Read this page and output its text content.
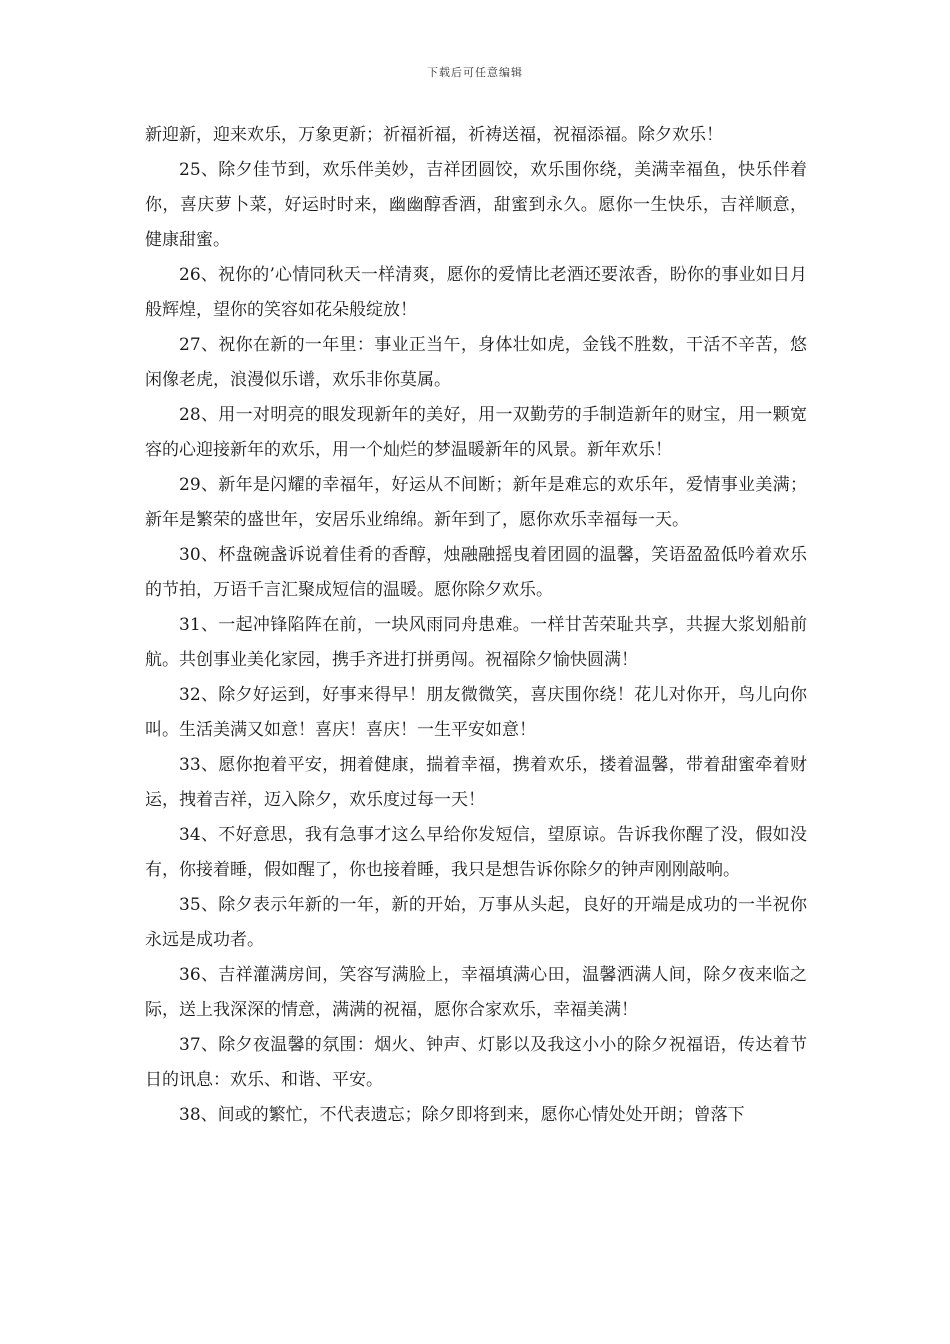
下载后可任意编辑

新迎新，迎来欢乐，万象更新；祈福祈福，祈祷送福，祝福添福。除夕欢乐！

25、除夕佳节到，欢乐伴美妙，吉祥团圆饺，欢乐围你绕，美满幸福鱼，快乐伴着你，喜庆萝卜菜，好运时时来，幽幽醇香酒，甜蜜到永久。愿你一生快乐，吉祥顺意，健康甜蜜。

26、祝你的’心情同秋天一样清爽，愿你的爱情比老酒还要浓香，盼你的事业如日月般辉煌，望你的笑容如花朵般绽放！

27、祝你在新的一年里：事业正当午，身体壮如虎，金钱不胜数，干活不辛苦，悠闲像老虎，浪漫似乐谱，欢乐非你莫属。

28、用一对明亮的眼发现新年的美好，用一双勤劳的手制造新年的财宝，用一颗宽容的心迎接新年的欢乐，用一个灿烂的梦温暖新年的风景。新年欢乐！

29、新年是闪耀的幸福年，好运从不间断；新年是难忘的欢乐年，爱情事业美满；新年是繁荣的盛世年，安居乐业绵绵。新年到了，愿你欢乐幸福每一天。

30、杯盘碗盏诉说着佳肴的香醇，烛融融摇曳着团圆的温馨，笑语盈盈低吟着欢乐的节拍，万语千言汇聚成短信的温暖。愿你除夕欢乐。

31、一起冲锋陷阵在前，一块风雨同舟患难。一样甘苦荣耻共享，共握大浆划船前航。共创事业美化家园，携手齐进打拼勇闯。祝福除夕愉快圆满！

32、除夕好运到，好事来得早！朋友微微笑，喜庆围你绕！花儿对你开，鸟儿向你叫。生活美满又如意！喜庆！喜庆！一生平安如意！

33、愿你抱着平安，拥着健康，揣着幸福，携着欢乐，搂着温馨，带着甜蜜牵着财运，拽着吉祥，迈入除夕，欢乐度过每一天！

34、不好意思，我有急事才这么早给你发短信，望原谅。告诉我你醒了没，假如没有，你接着睡，假如醒了，你也接着睡，我只是想告诉你除夕的钟声刚刚敲响。

35、除夕表示年新的一年，新的开始，万事从头起，良好的开端是成功的一半祝你永远是成功者。

36、吉祥灌满房间，笑容写满脸上，幸福填满心田，温馨洒满人间，除夕夜来临之际，送上我深深的情意，满满的祝福，愿你合家欢乐，幸福美满！

37、除夕夜温馨的氛围：烟火、钟声、灯影以及我这小小的除夕祝福语，传达着节日的讯息：欢乐、和谐、平安。

38、间或的繁忙，不代表遗忘；除夕即将到来，愿你心情处处开朗；曾落下
